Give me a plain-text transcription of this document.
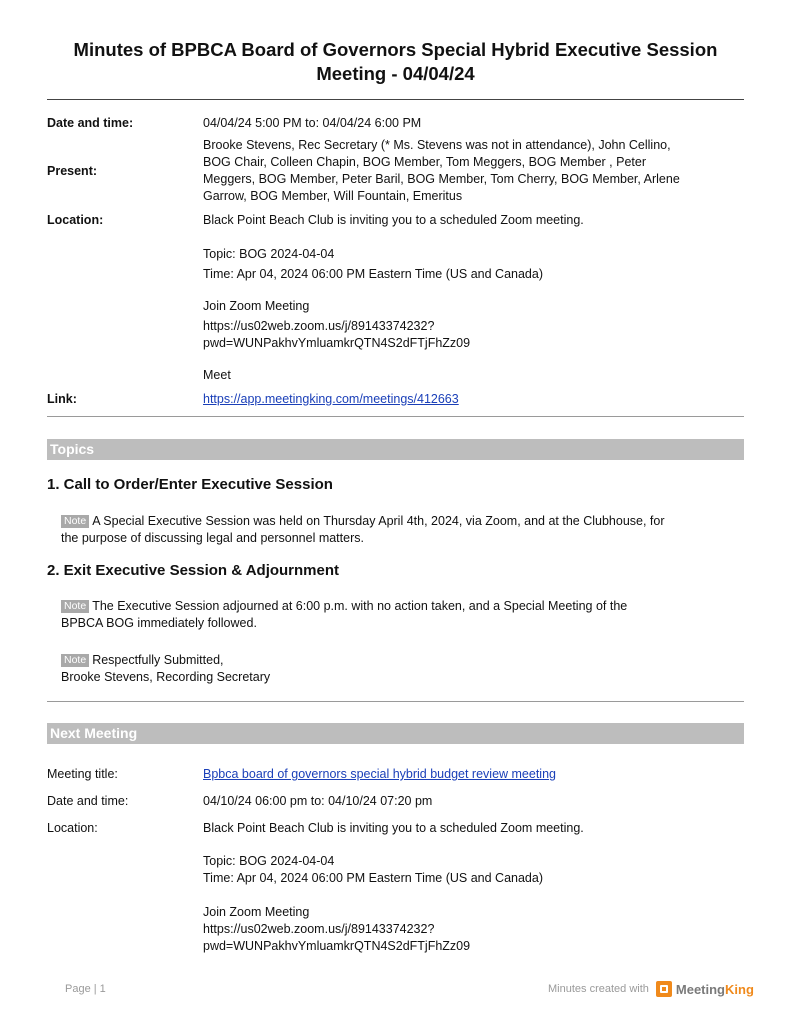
Minutes of BPBCA Board of Governors Special Hybrid Executive Session
Meeting - 04/04/24
Date and time:	04/04/24 5:00 PM to: 04/04/24 6:00 PM
Present:
Brooke Stevens, Rec Secretary (* Ms. Stevens was not in attendance), John Cellino,
BOG Chair, Colleen Chapin, BOG Member, Tom Meggers, BOG Member , Peter
Meggers, BOG Member, Peter Baril, BOG Member, Tom Cherry, BOG Member, Arlene
Garrow, BOG Member, Will Fountain, Emeritus
Location:	Black Point Beach Club is inviting you to a scheduled Zoom meeting.
Topic: BOG 2024-04-04
Time: Apr 04, 2024 06:00 PM Eastern Time (US and Canada)
Join Zoom Meeting
https://us02web.zoom.us/j/89143374232?
pwd=WUNPakhvYmluamkrQTN4S2dFTjFhZz09
Meet
Link:	https://app.meetingking.com/meetings/412663
Topics
1. Call to Order/Enter Executive Session
Note A Special Executive Session was held on Thursday April 4th, 2024, via Zoom, and at the Clubhouse, for
the purpose of discussing legal and personnel matters.
2. Exit Executive Session & Adjournment
Note The Executive Session adjourned at 6:00 p.m. with no action taken, and a Special Meeting of the
BPBCA BOG immediately followed.
Note Respectfully Submitted,
Brooke Stevens, Recording Secretary
Next Meeting
Meeting title:	Bpbca board of governors special hybrid budget review meeting
Date and time:	04/10/24 06:00 pm to: 04/10/24 07:20 pm
Location:	Black Point Beach Club is inviting you to a scheduled Zoom meeting.
Topic: BOG 2024-04-04
Time: Apr 04, 2024 06:00 PM Eastern Time (US and Canada)
Join Zoom Meeting
https://us02web.zoom.us/j/89143374232?
pwd=WUNPakhvYmluamkrQTN4S2dFTjFhZz09
Page | 1	Minutes created with MeetingKing
